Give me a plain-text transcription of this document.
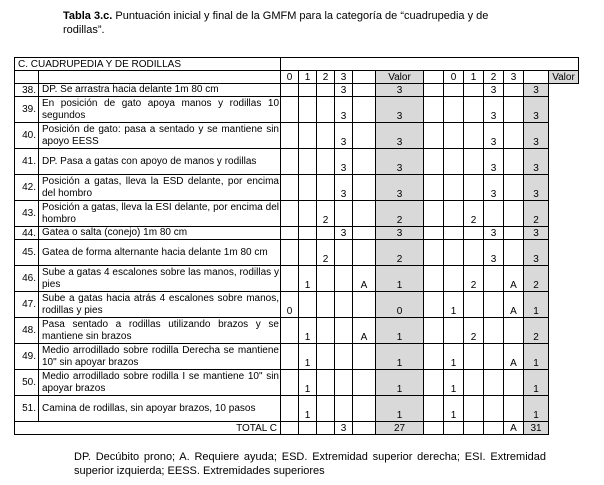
Tabla 3.c. Puntuación inicial y final de la GMFM para la categoría de “cuadrupedia y de
rodillas”.
C. CUADRUPEDIA Y DE RODILLAS														
		0	1	2	3		Valor		0	1	2	3		Valor
38.	DP. Se arrastra hacia delante 1m 80 cm				3		3				3		3	
39.	En posición de gato apoya manos y rodillas 10 segundos				3		3				3		3	
40.	Posición de gato: pasa a sentado y se mantiene sin apoyo EESS				3		3				3		3	
41.	DP. Pasa a gatas con apoyo de manos y rodillas				3		3				3		3	
42.	Posición a gatas, lleva la ESD delante, por encima del hombro				3		3				3		3	
43.	Posición a gatas, lleva la ESI delante, por encima del hombro			2			2			2			2	
44.	Gatea o salta (conejo) 1m 80 cm				3		3				3		3	
45.	Gatea de forma alternante hacia delante 1m 80 cm			2			2				3		3	
46.	Sube a gatas 4 escalones sobre las manos, rodillas y pies		1			A	1			2		A	2	
47.	Sube a gatas hacia atrás 4 escalones sobre manos, rodillas y pies	0					0		1			A	1	
48.	Pasa sentado a rodillas utilizando brazos y se mantiene sin brazos		1			A	1			2			2	
49.	Medio arrodillado sobre rodilla Derecha se mantiene 10" sin apoyar brazos		1				1		1			A	1	
50.	Medio arrodillado sobre rodilla I se mantiene 10" sin apoyar brazos		1				1		1				1	
51.	Camina de rodillas, sin apoyar brazos, 10 pasos		1				1		1				1	
TOTAL C					3		27					A	31	
DP. Decúbito prono; A. Requiere ayuda; ESD. Extremidad superior derecha; ESI. Extremidad superior izquierda; EESS. Extremidades superiores
